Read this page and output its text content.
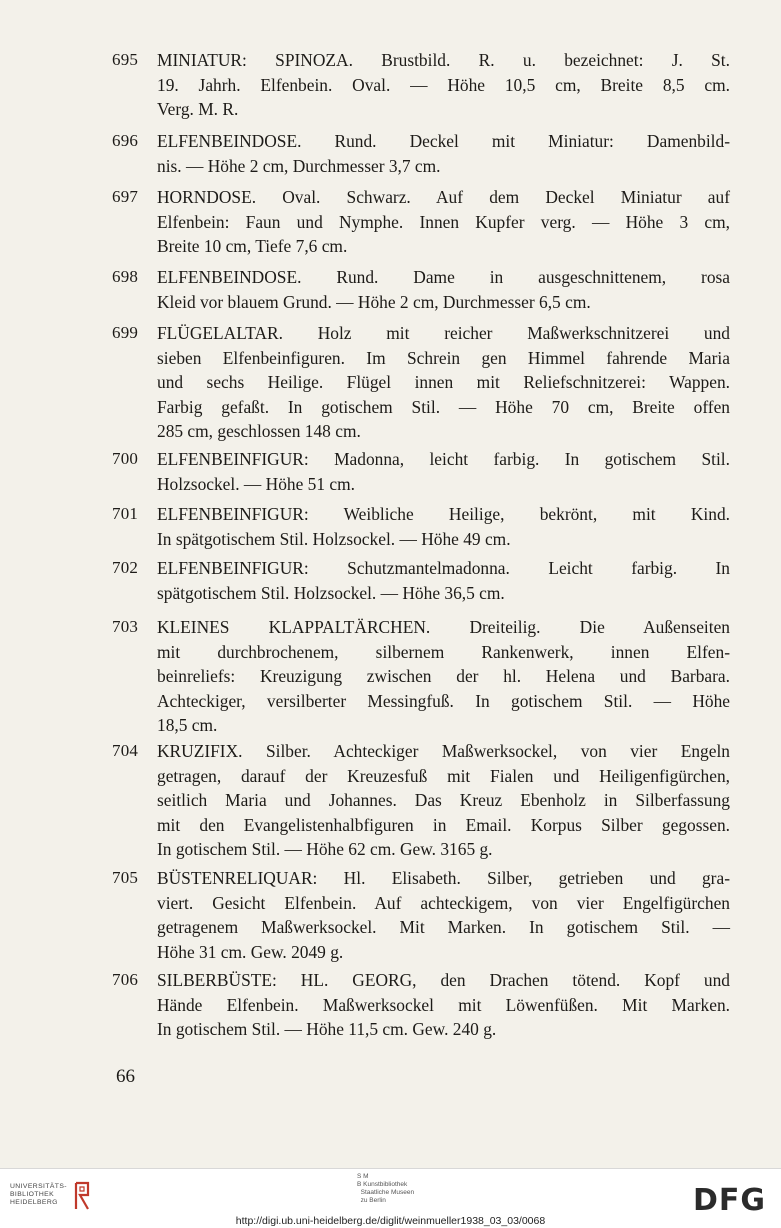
695	MINIATUR: SPINOZA. Brustbild. R. u. bezeichnet: J. St.
19. Jahrh. Elfenbein. Oval. — Höhe 10,5 cm, Breite 8,5 cm.
Verg. M. R.
696	ELFENBEINDOSE. Rund. Deckel mit Miniatur: Damenbild-
nis. — Höhe 2 cm, Durchmesser 3,7 cm.
697	HORNDOSE. Oval. Schwarz. Auf dem Deckel Miniatur auf
Elfenbein: Faun und Nymphe. Innen Kupfer verg. — Höhe 3 cm,
Breite 10 cm, Tiefe 7,6 cm.
698	ELFENBEINDOSE. Rund. Dame in ausgeschnittenem, rosa
Kleid vor blauem Grund. — Höhe 2 cm, Durchmesser 6,5 cm.
699	FLÜGELALTAR. Holz mit reicher Maßwerkschnitzerei und
sieben Elfenbeinfiguren. Im Schrein gen Himmel fahrende Maria
und sechs Heilige. Flügel innen mit Reliefschnitzerei: Wappen.
Farbig gefaßt. In gotischem Stil. — Höhe 70 cm, Breite offen
285 cm, geschlossen 148 cm.
700	ELFENBEINFIGUR: Madonna, leicht farbig. In gotischem Stil.
Holzsockel. — Höhe 51 cm.
701	ELFENBEINFIGUR: Weibliche Heilige, bekrönt, mit Kind.
In spätgotischem Stil. Holzsockel. — Höhe 49 cm.
702	ELFENBEINFIGUR: Schutzmantelmadonna. Leicht farbig. In
spätgotischem Stil. Holzsockel. — Höhe 36,5 cm.
703	KLEINES KLAPPALTÄRCHEN. Dreiteilig. Die Außenseiten
mit durchbrochenem, silbernem Rankenwerk, innen Elfen-
beinreliefs: Kreuzigung zwischen der hl. Helena und Barbara.
Achteckiger, versilberter Messingfuß. In gotischem Stil. — Höhe
18,5 cm.
704	KRUZIFIX. Silber. Achteckiger Maßwerksockel, von vier Engeln
getragen, darauf der Kreuzesfuß mit Fialen und Heiligenfigürchen,
seitlich Maria und Johannes. Das Kreuz Ebenholz in Silberfassung
mit den Evangelistenhalbfiguren in Email. Korpus Silber gegossen.
In gotischem Stil. — Höhe 62 cm. Gew. 3165 g.
705	BÜSTENRELIQUAR: Hl. Elisabeth. Silber, getrieben und gra-
viert. Gesicht Elfenbein. Auf achteckigem, von vier Engelfigürchen
getragenem Maßwerksockel. Mit Marken. In gotischem Stil. —
Höhe 31 cm. Gew. 2049 g.
706	SILBERBÜSTE: HL. GEORG, den Drachen tötend. Kopf und
Hände Elfenbein. Maßwerksockel mit Löwenfüßen. Mit Marken.
In gotischem Stil. — Höhe 11,5 cm. Gew. 240 g.
66
UNIVERSITÄTS-
BIBLIOTHEK
HEIDELBERG
S M
B Kunstbibliothek
Staatliche Museen
zu Berlin	DFG
http://digi.ub.uni-heidelberg.de/diglit/weinmueller1938_03_03/0068
